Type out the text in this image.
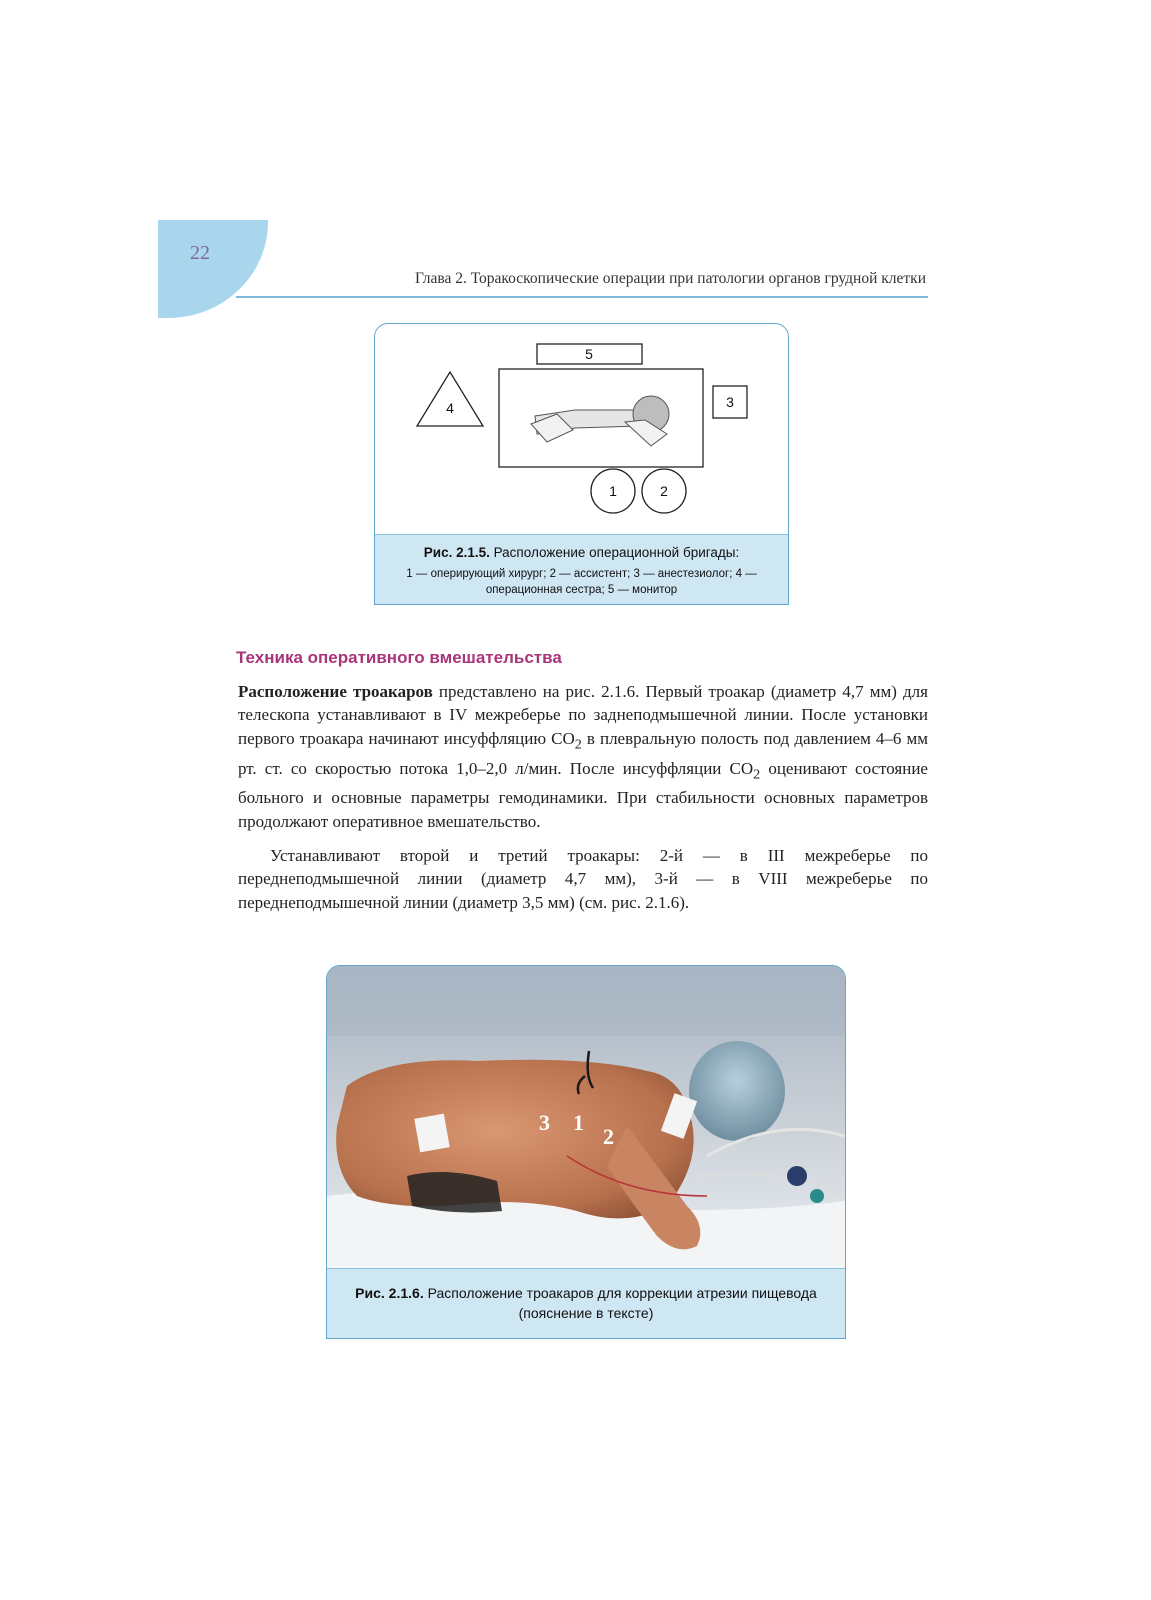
22
Глава 2. Торакоскопические операции при патологии органов грудной клетки
5
4	3
1	2
Рис. 2.1.5. Расположение операционной бригады:
1 — оперирующий хирург; 2 — ассистент; 3 — анестезиолог; 4 — операционная сестра; 5 — монитор
Техника оперативного вмешательства
Расположение троакаров представлено на рис. 2.1.6. Первый троакар (диаметр 4,7 мм) для телескопа устанавливают в IV межреберье по заднеподмышечной линии. После установки первого троакара начинают инсуффляцию $CO_2$ в плевральную полость под давлением 4–6 мм рт. ст. со скоростью потока 1,0–2,0 л/мин. После инсуффляции $CO_2$ оценивают состояние больного и основные параметры гемодинамики. При стабильности основных параметров продолжают оперативное вмешательство.
Устанавливают второй и третий троакары: 2-й — в III межреберье по переднеподмышечной линии (диаметр 4,7 мм), 3-й — в VIII межреберье по переднеподмышечной линии (диаметр 3,5 мм) (см. рис. 2.1.6).
3 1
2
Рис. 2.1.6. Расположение троакаров для коррекции атрезии пищевода (пояснение в тексте)
